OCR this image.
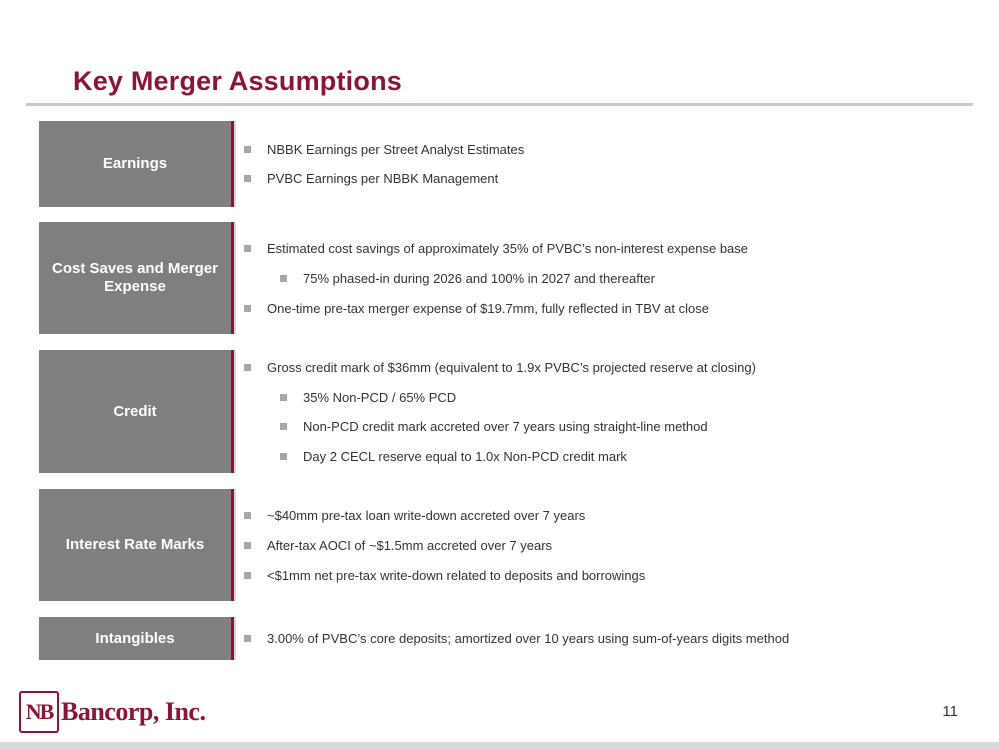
Key Merger Assumptions
Earnings
NBBK Earnings per Street Analyst Estimates
PVBC Earnings per NBBK Management
Cost Saves and Merger Expense
Estimated cost savings of approximately 35% of PVBC’s non-interest expense base
75% phased-in during 2026 and 100% in 2027 and thereafter
One-time pre-tax merger expense of $19.7mm, fully reflected in TBV at close
Credit
Gross credit mark of $36mm (equivalent to 1.9x PVBC’s projected reserve at closing)
35% Non-PCD / 65% PCD
Non-PCD credit mark accreted over 7 years using straight-line method
Day 2 CECL reserve equal to 1.0x Non-PCD credit mark
Interest Rate Marks
~$40mm pre-tax loan write-down accreted over 7 years
After-tax AOCI of ~$1.5mm accreted over 7 years
<$1mm net pre-tax write-down related to deposits and borrowings
Intangibles	3.00% of PVBC’s core deposits; amortized over 10 years using sum-of-years digits method
NB Bancorp, Inc.	11
